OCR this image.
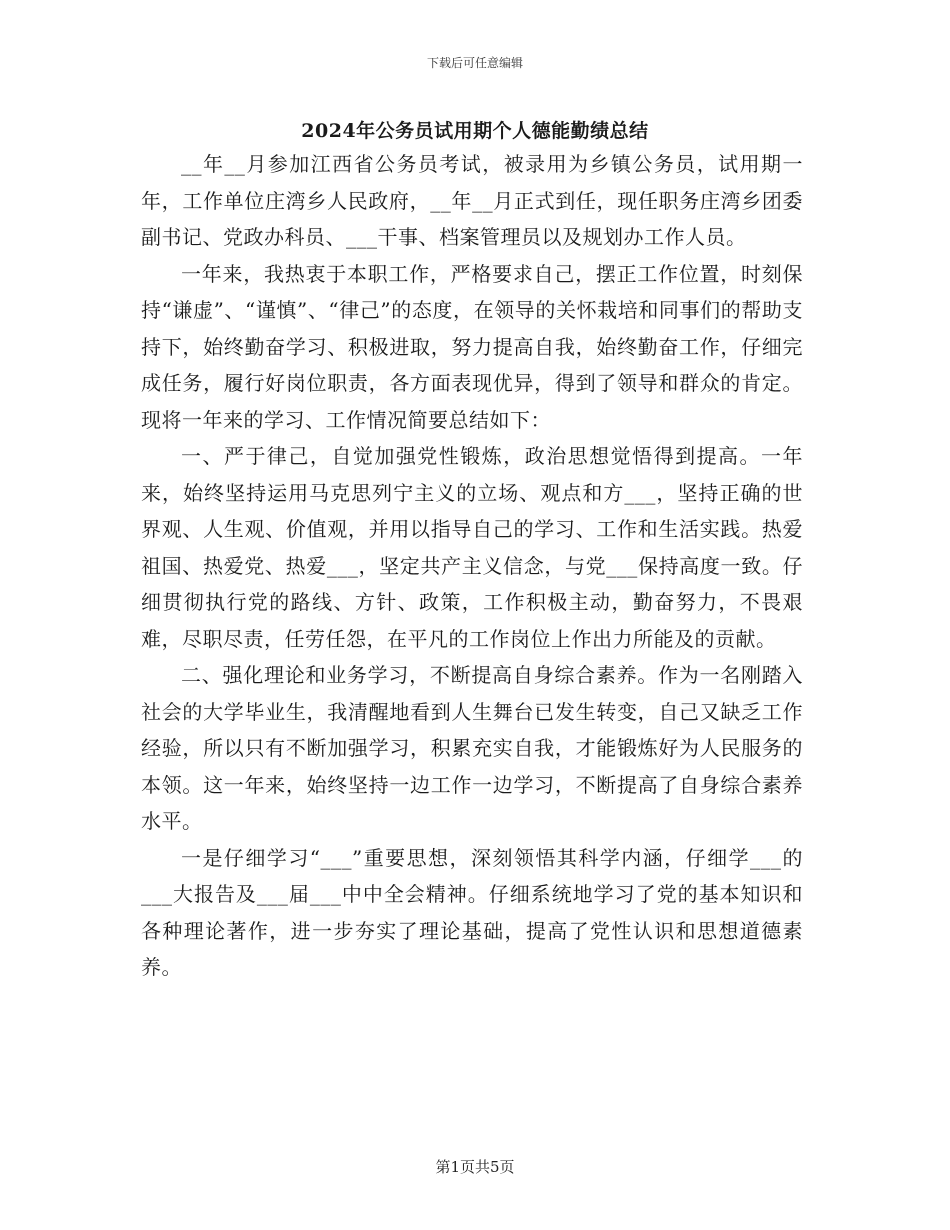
下载后可任意编辑
2024年公务员试用期个人德能勤绩总结

__年__月参加江西省公务员考试，被录用为乡镇公务员，试用期一年，工作单位庄湾乡人民政府，__年__月正式到任，现任职务庄湾乡团委副书记、党政办科员、___干事、档案管理员以及规划办工作人员。

一年来，我热衷于本职工作，严格要求自己，摆正工作位置，时刻保持“谦虚”、“谨慎”、“律己”的态度，在领导的关怀栽培和同事们的帮助支持下，始终勤奋学习、积极进取，努力提高自我，始终勤奋工作，仔细完成任务，履行好岗位职责，各方面表现优异，得到了领导和群众的肯定。现将一年来的学习、工作情况简要总结如下：

一、严于律己，自觉加强党性锻炼，政治思想觉悟得到提高。一年来，始终坚持运用马克思列宁主义的立场、观点和方___，坚持正确的世界观、人生观、价值观，并用以指导自己的学习、工作和生活实践。热爱祖国、热爱党、热爱___，坚定共产主义信念，与党___保持高度一致。仔细贯彻执行党的路线、方针、政策，工作积极主动，勤奋努力，不畏艰难，尽职尽责，任劳任怨，在平凡的工作岗位上作出力所能及的贡献。

二、强化理论和业务学习，不断提高自身综合素养。作为一名刚踏入社会的大学毕业生，我清醒地看到人生舞台已发生转变，自己又缺乏工作经验，所以只有不断加强学习，积累充实自我，才能锻炼好为人民服务的本领。这一年来，始终坚持一边工作一边学习，不断提高了自身综合素养水平。

一是仔细学习“___”重要思想，深刻领悟其科学内涵，仔细学___的___大报告及___届___中中全会精神。仔细系统地学习了党的基本知识和各种理论著作，进一步夯实了理论基础，提高了党性认识和思想道德素养。

第1页共5页
